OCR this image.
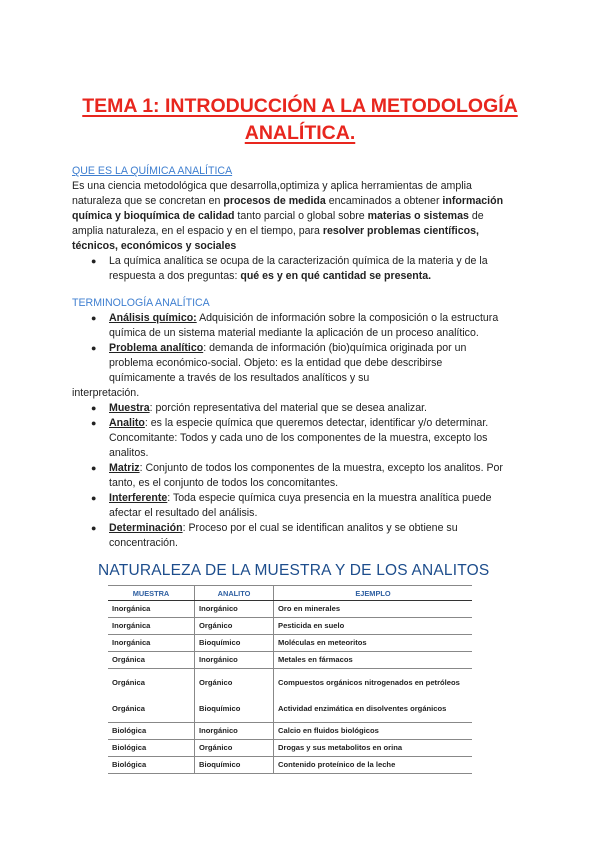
TEMA 1: INTRODUCCIÓN A LA METODOLOGÍA
ANALÍTICA.
QUE ES LA QUÍMICA ANALÍTICA
Es una ciencia metodológica que desarrolla,optimiza y aplica herramientas de amplia
naturaleza que se concretan en procesos de medida encaminados a obtener información
química y bioquímica de calidad tanto parcial o global sobre materias o sistemas de
amplia naturaleza, en el espacio y en el tiempo, para resolver problemas científicos,
técnicos, económicos y sociales
● La química analítica se ocupa de la caracterización química de la materia y de la
respuesta a dos preguntas: qué es y en qué cantidad se presenta.
TERMINOLOGÍA ANALÍTICA
● Análisis químico: Adquisición de información sobre la composición o la estructura
química de un sistema material mediante la aplicación de un proceso analítico.
● Problema analítico: demanda de información (bio)química originada por un
problema económico-social. Objeto: es la entidad que debe describirse
químicamente a través de los resultados analíticos y su
interpretación.
● Muestra: porción representativa del material que se desea analizar.
● Analito: es la especie química que queremos detectar, identificar y/o determinar.
Concomitante: Todos y cada uno de los componentes de la muestra, excepto los
analitos.
● Matriz: Conjunto de todos los componentes de la muestra, excepto los analitos. Por
tanto, es el conjunto de todos los concomitantes.
● Interferente: Toda especie química cuya presencia en la muestra analítica puede
afectar el resultado del análisis.
● Determinación: Proceso por el cual se identifican analitos y se obtiene su
concentración.
NATURALEZA DE LA MUESTRA Y DE LOS ANALITOS
MUESTRA	ANALITO	EJEMPLO
Inorgánica	Inorgánico	Oro en minerales
Inorgánica	Orgánico	Pesticida en suelo
Inorgánica	Bioquímico	Moléculas en meteoritos
Orgánica	Inorgánico	Metales en fármacos
Orgánica	Orgánico	Compuestos orgánicos nitrogenados en petróleos
Orgánica	Bioquímico	Actividad enzimática en disolventes orgánicos
Biológica	Inorgánico	Calcio en fluidos biológicos
Biológica	Orgánico	Drogas y sus metabolitos en orina
Biológica	Bioquímico	Contenido proteínico de la leche
